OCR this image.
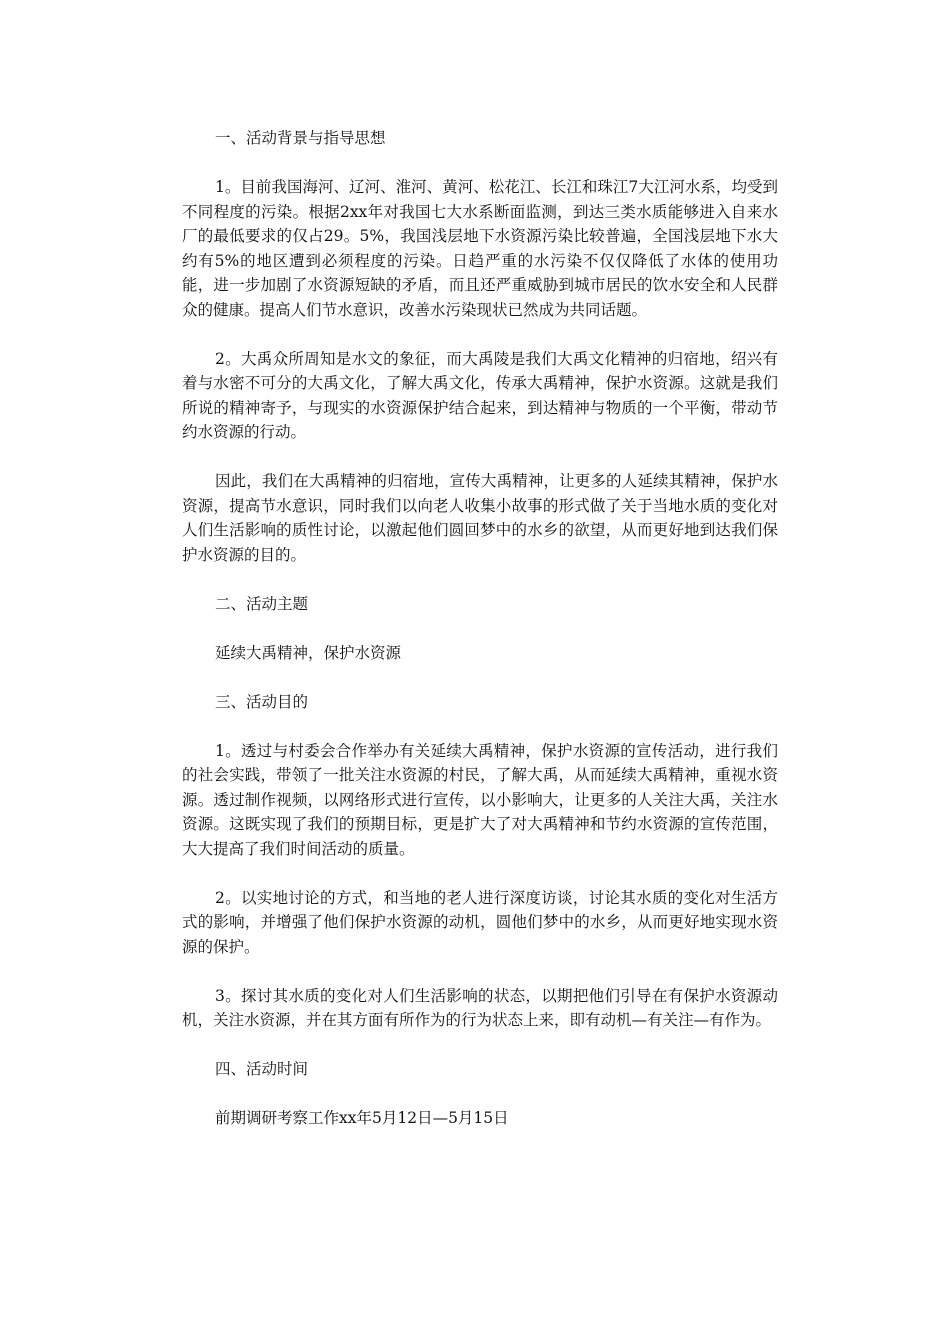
一、活动背景与指导思想

1。目前我国海河、辽河、淮河、黄河、松花江、长江和珠江7大江河水系，均受到不同程度的污染。根据2xx年对我国七大水系断面监测，到达三类水质能够进入自来水厂的最低要求的仅占29。5%，我国浅层地下水资源污染比较普遍，全国浅层地下水大约有5%的地区遭到必须程度的污染。日趋严重的水污染不仅仅降低了水体的使用功能，进一步加剧了水资源短缺的矛盾，而且还严重威胁到城市居民的饮水安全和人民群众的健康。提高人们节水意识，改善水污染现状已然成为共同话题。

2。大禹众所周知是水文的象征，而大禹陵是我们大禹文化精神的归宿地，绍兴有着与水密不可分的大禹文化，了解大禹文化，传承大禹精神，保护水资源。这就是我们所说的精神寄予，与现实的水资源保护结合起来，到达精神与物质的一个平衡，带动节约水资源的行动。

因此，我们在大禹精神的归宿地，宣传大禹精神，让更多的人延续其精神，保护水资源，提高节水意识，同时我们以向老人收集小故事的形式做了关于当地水质的变化对人们生活影响的质性讨论，以激起他们圆回梦中的水乡的欲望，从而更好地到达我们保护水资源的目的。

二、活动主题

延续大禹精神，保护水资源

三、活动目的

1。透过与村委会合作举办有关延续大禹精神，保护水资源的宣传活动，进行我们的社会实践，带领了一批关注水资源的村民，了解大禹，从而延续大禹精神，重视水资源。透过制作视频，以网络形式进行宣传，以小影响大，让更多的人关注大禹，关注水资源。这既实现了我们的预期目标，更是扩大了对大禹精神和节约水资源的宣传范围，大大提高了我们时间活动的质量。

2。以实地讨论的方式，和当地的老人进行深度访谈，讨论其水质的变化对生活方式的影响，并增强了他们保护水资源的动机，圆他们梦中的水乡，从而更好地实现水资源的保护。

3。探讨其水质的变化对人们生活影响的状态，以期把他们引导在有保护水资源动机，关注水资源，并在其方面有所作为的行为状态上来，即有动机—有关注—有作为。

四、活动时间

前期调研考察工作xx年5月12日—5月15日
